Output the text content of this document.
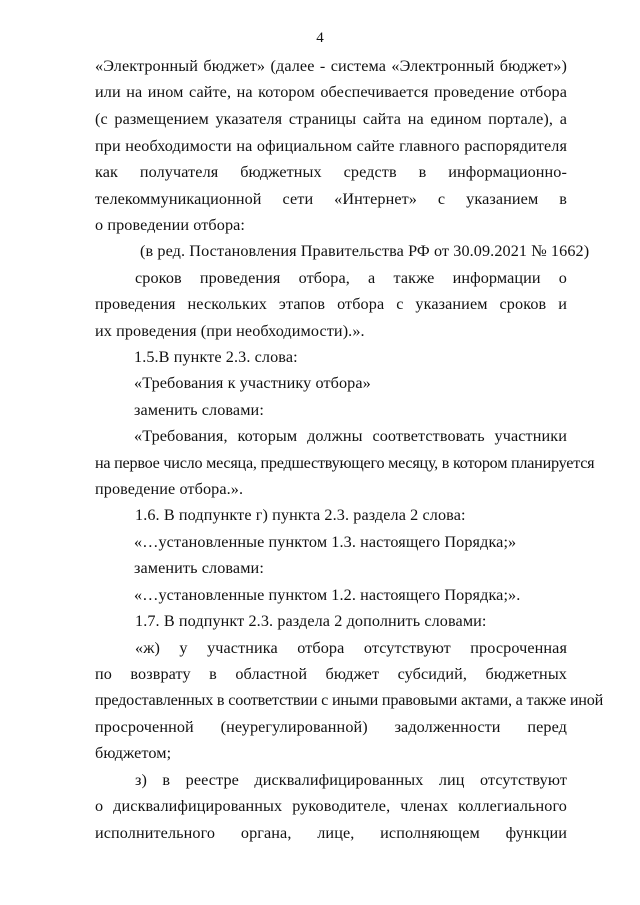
4
«Электронный бюджет» (далее - система «Электронный бюджет»)
или на ином сайте, на котором обеспечивается проведение отбора
(с размещением указателя страницы сайта на едином портале), а
при необходимости на официальном сайте главного распорядителя
как получателя бюджетных средств в информационно-
телекоммуникационной сети «Интернет» с указанием в
о проведении отбора:
(в ред. Постановления Правительства РФ от 30.09.2021 № 1662)
сроков проведения отбора, а также информации о
проведения нескольких этапов отбора с указанием сроков и
их проведения (при необходимости).».
1.5.В пункте 2.3. слова:
«Требования к участнику отбора»
заменить словами:
«Требования, которым должны соответствовать участники
на первое число месяца, предшествующего месяцу, в котором планируется
проведение отбора.».
1.6. В подпункте г) пункта 2.3. раздела 2 слова:
«…установленные пунктом 1.3. настоящего Порядка;»
заменить словами:
«…установленные пунктом 1.2. настоящего Порядка;».
1.7. В подпункт 2.3. раздела 2 дополнить словами:
«ж) у участника отбора отсутствуют просроченная
по возврату в областной бюджет субсидий, бюджетных
предоставленных в соответствии с иными правовыми актами, а также иной
просроченной (неурегулированной) задолженности перед
бюджетом;
з) в реестре дисквалифицированных лиц отсутствуют
о дисквалифицированных руководителе, членах коллегиального
исполнительного органа, лице, исполняющем функции
